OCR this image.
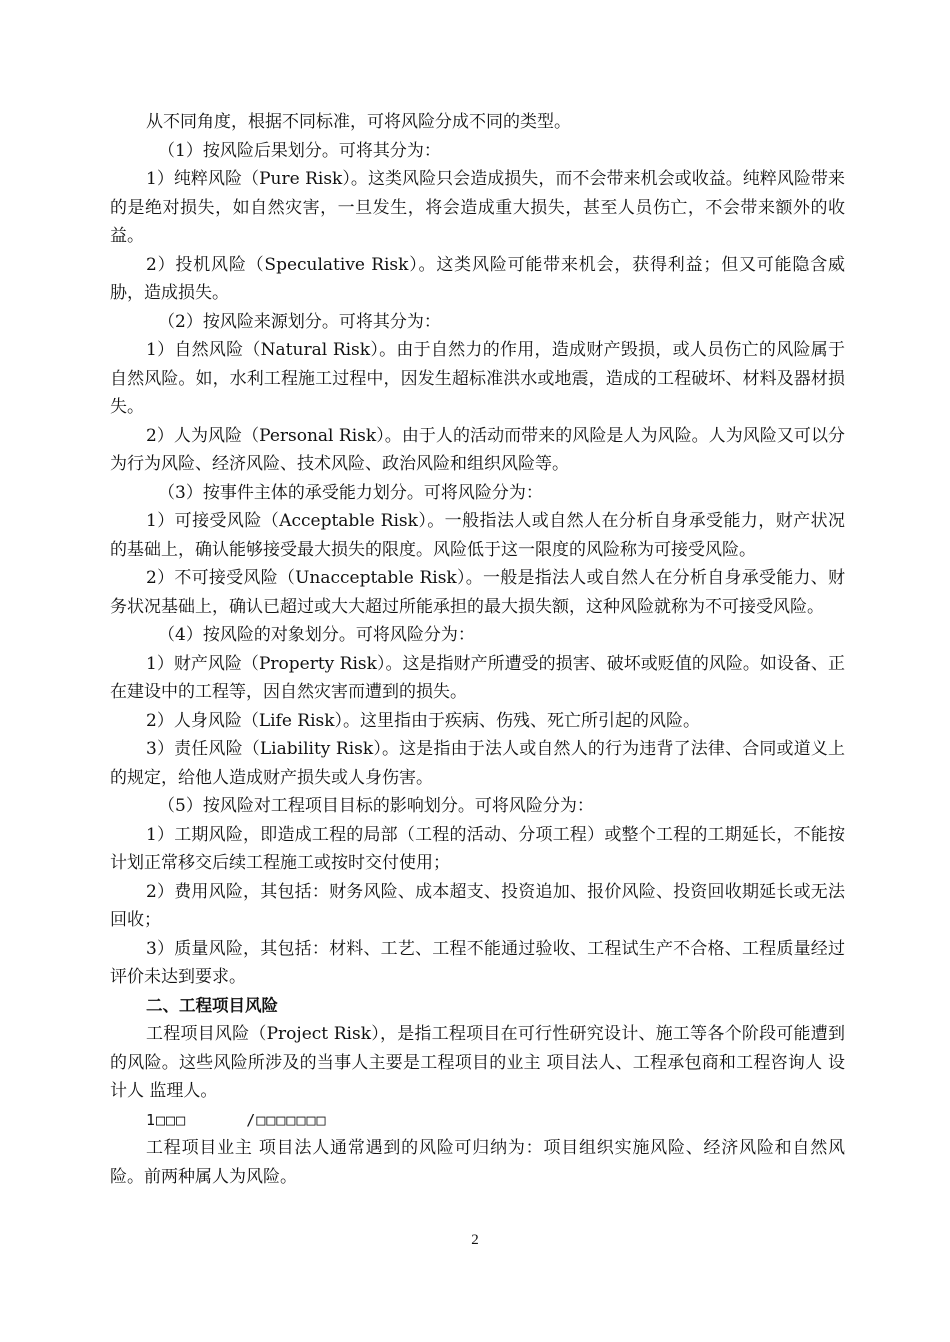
从不同角度，根据不同标准，可将风险分成不同的类型。

（1）按风险后果划分。可将其分为：

1）纯粹风险（Pure Risk）。这类风险只会造成损失，而不会带来机会或收益。纯粹风险带来的是绝对损失，如自然灾害，一旦发生，将会造成重大损失，甚至人员伤亡，不会带来额外的收益。

2）投机风险（Speculative Risk）。这类风险可能带来机会，获得利益；但又可能隐含威胁，造成损失。

（2）按风险来源划分。可将其分为：

1）自然风险（Natural Risk）。由于自然力的作用，造成财产毁损，或人员伤亡的风险属于自然风险。如，水利工程施工过程中，因发生超标准洪水或地震，造成的工程破坏、材料及器材损失。

2）人为风险（Personal Risk）。由于人的活动而带来的风险是人为风险。人为风险又可以分为行为风险、经济风险、技术风险、政治风险和组织风险等。

（3）按事件主体的承受能力划分。可将风险分为：

1）可接受风险（Acceptable Risk）。一般指法人或自然人在分析自身承受能力，财产状况的基础上，确认能够接受最大损失的限度。风险低于这一限度的风险称为可接受风险。

2）不可接受风险（Unacceptable Risk）。一般是指法人或自然人在分析自身承受能力、财务状况基础上，确认已超过或大大超过所能承担的最大损失额，这种风险就称为不可接受风险。

（4）按风险的对象划分。可将风险分为：

1）财产风险（Property Risk）。这是指财产所遭受的损害、破坏或贬值的风险。如设备、正在建设中的工程等，因自然灾害而遭到的损失。

2）人身风险（Life Risk）。这里指由于疾病、伤残、死亡所引起的风险。

3）责任风险（Liability Risk）。这是指由于法人或自然人的行为违背了法律、合同或道义上的规定，给他人造成财产损失或人身伤害。

（5）按风险对工程项目目标的影响划分。可将风险分为：

1）工期风险，即造成工程的局部（工程的活动、分项工程）或整个工程的工期延长，不能按计划正常移交后续工程施工或按时交付使用；

2）费用风险，其包括：财务风险、成本超支、投资追加、报价风险、投资回收期延长或无法回收；

3）质量风险，其包括：材料、工艺、工程不能通过验收、工程试生产不合格、工程质量经过评价未达到要求。

二、工程项目风险

工程项目风险（Project Risk），是指工程项目在可行性研究设计、施工等各个阶段可能遭到的风险。这些风险所涉及的当事人主要是工程项目的业主 项目法人、工程承包商和工程咨询人 设计人 监理人。

1□□□      /□□□□□□□

工程项目业主 项目法人通常遇到的风险可归纳为：项目组织实施风险、经济风险和自然风险。前两种属人为风险。

2
